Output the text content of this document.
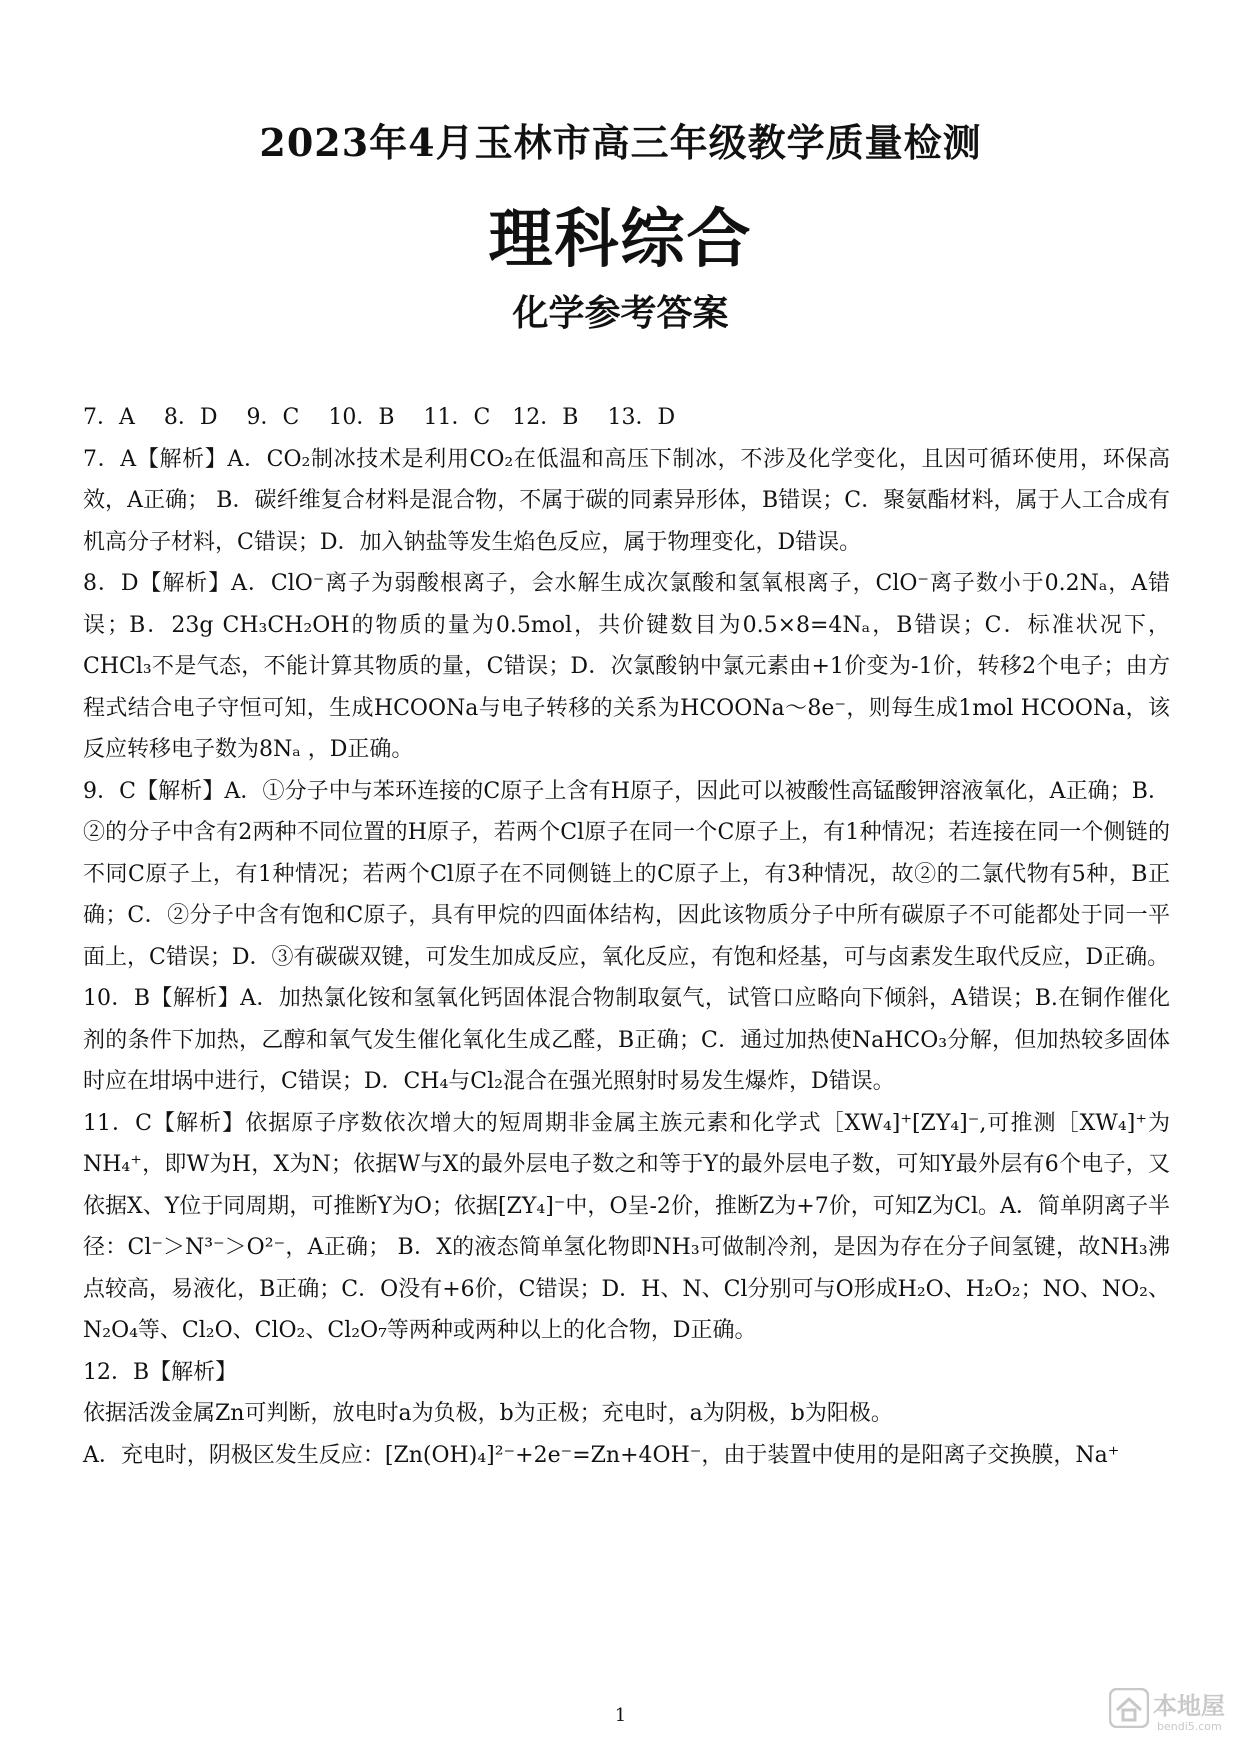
2023年4月玉林市高三年级教学质量检测
理科综合
化学参考答案

7．A　 8．D　 9．C　 10．B　 11．C　12．B　 13．D

7．A【解析】A．CO₂制冰技术是利用CO₂在低温和高压下制冰，不涉及化学变化，且因可循环使用，环保高效，A正确； B．碳纤维复合材料是混合物，不属于碳的同素异形体，B错误；C．聚氨酯材料，属于人工合成有机高分子材料，C错误；D．加入钠盐等发生焰色反应，属于物理变化，D错误。

8．D【解析】A．ClO⁻离子为弱酸根离子，会水解生成次氯酸和氢氧根离子，ClO⁻离子数小于0.2Nₐ，A错误；B．23g CH₃CH₂OH的物质的量为0.5mol，共价键数目为0.5×8=4Nₐ，B错误；C．标准状况下，CHCl₃不是气态，不能计算其物质的量，C错误；D．次氯酸钠中氯元素由+1价变为-1价，转移2个电子；由方程式结合电子守恒可知，生成HCOONa与电子转移的关系为HCOONa～8e⁻，则每生成1mol HCOONa，该反应转移电子数为8Nₐ ，D正确。

9．C【解析】A．①分子中与苯环连接的C原子上含有H原子，因此可以被酸性高锰酸钾溶液氧化，A正确；B．②的分子中含有2两种不同位置的H原子，若两个Cl原子在同一个C原子上，有1种情况；若连接在同一个侧链的不同C原子上，有1种情况；若两个Cl原子在不同侧链上的C原子上，有3种情况，故②的二氯代物有5种，B正确；C．②分子中含有饱和C原子，具有甲烷的四面体结构，因此该物质分子中所有碳原子不可能都处于同一平面上，C错误；D．③有碳碳双键，可发生加成反应，氧化反应，有饱和烃基，可与卤素发生取代反应，D正确。

10．B【解析】A．加热氯化铵和氢氧化钙固体混合物制取氨气，试管口应略向下倾斜，A错误；B.在铜作催化剂的条件下加热，乙醇和氧气发生催化氧化生成乙醛，B正确；C．通过加热使NaHCO₃分解，但加热较多固体时应在坩埚中进行，C错误；D．CH₄与Cl₂混合在强光照射时易发生爆炸，D错误。

11．C【解析】依据原子序数依次增大的短周期非金属主族元素和化学式［XW₄]⁺[ZY₄]⁻,可推测［XW₄]⁺为NH₄⁺，即W为H，X为N；依据W与X的最外层电子数之和等于Y的最外层电子数，可知Y最外层有6个电子，又依据X、Y位于同周期，可推断Y为O；依据[ZY₄]⁻中，O呈-2价，推断Z为+7价，可知Z为Cl。A．简单阴离子半径：Cl⁻＞N³⁻＞O²⁻，A正确； B．X的液态简单氢化物即NH₃可做制冷剂，是因为存在分子间氢键，故NH₃沸点较高，易液化，B正确；C．O没有+6价，C错误；D．H、N、Cl分别可与O形成H₂O、H₂O₂；NO、NO₂、N₂O₄等、Cl₂O、ClO₂、Cl₂O₇等两种或两种以上的化合物，D正确。

12．B【解析】

依据活泼金属Zn可判断，放电时a为负极，b为正极；充电时，a为阴极，b为阳极。

A．充电时，阴极区发生反应：[Zn(OH)₄]²⁻+2e⁻=Zn+4OH⁻，由于装置中使用的是阳离子交换膜，Na⁺

1	本地屋
bendi5.com
